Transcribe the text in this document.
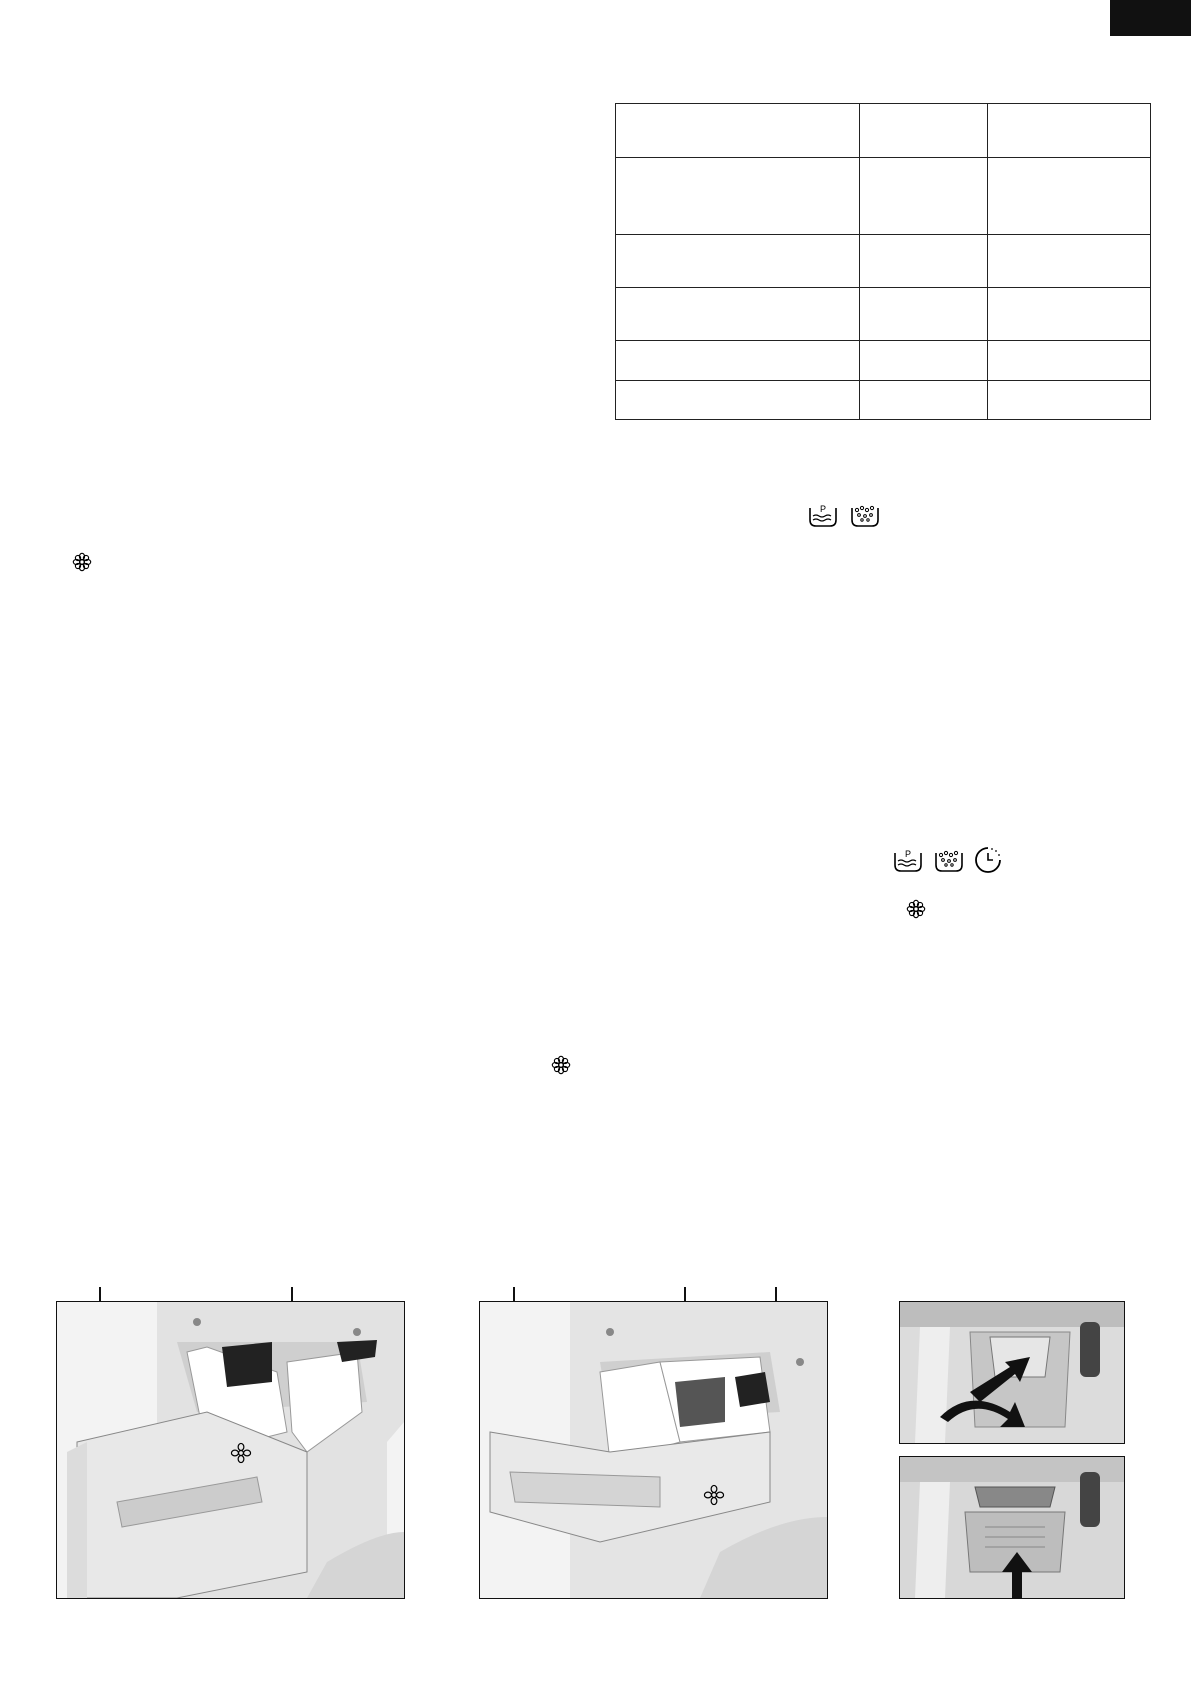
P
P
